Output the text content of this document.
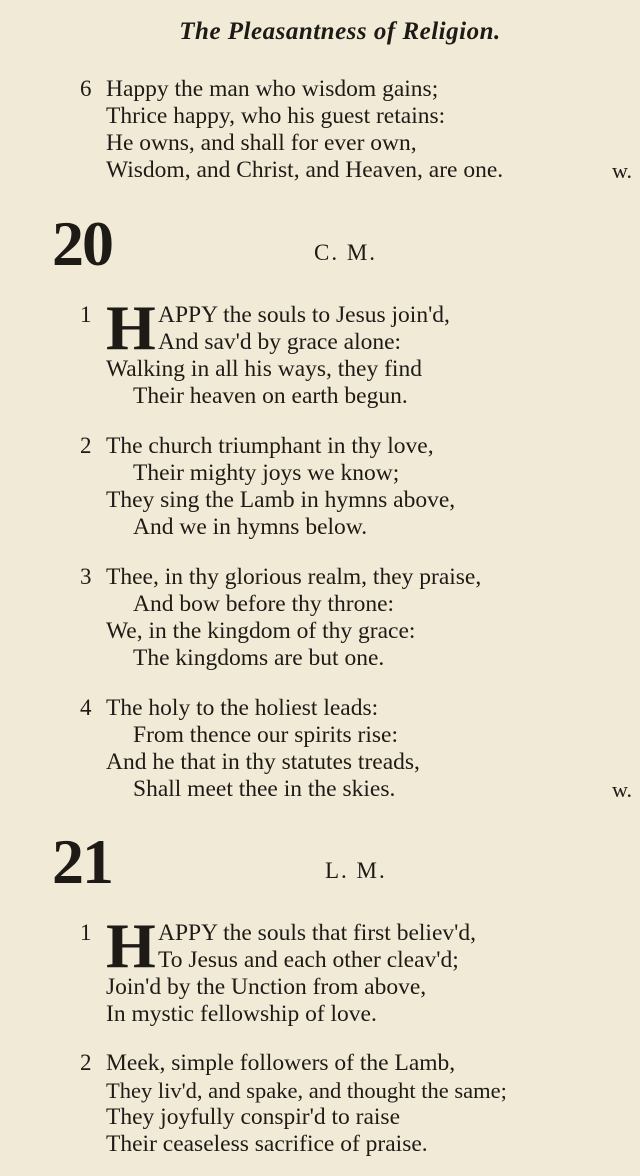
The Pleasantness of Religion.
6 Happy the man who wisdom gains;
Thrice happy, who his guest retains:
He owns, and shall for ever own,
Wisdom, and Christ, and Heaven, are one.	w.
20	C. M.
1 H APPY the souls to Jesus join'd,
And sav'd by grace alone:
Walking in all his ways, they find
Their heaven on earth begun.
2 The church triumphant in thy love,
Their mighty joys we know;
They sing the Lamb in hymns above,
And we in hymns below.
3 Thee, in thy glorious realm, they praise,
And bow before thy throne:
We, in the kingdom of thy grace:
The kingdoms are but one.
4 The holy to the holiest leads:
From thence our spirits rise:
And he that in thy statutes treads,
Shall meet thee in the skies.	w.
21	L. M.
1 H APPY the souls that first believ'd,
To Jesus and each other cleav'd;
Join'd by the Unction from above,
In mystic fellowship of love.
2 Meek, simple followers of the Lamb,
They liv'd, and spake, and thought the same;
They joyfully conspir'd to raise
Their ceaseless sacrifice of praise.
